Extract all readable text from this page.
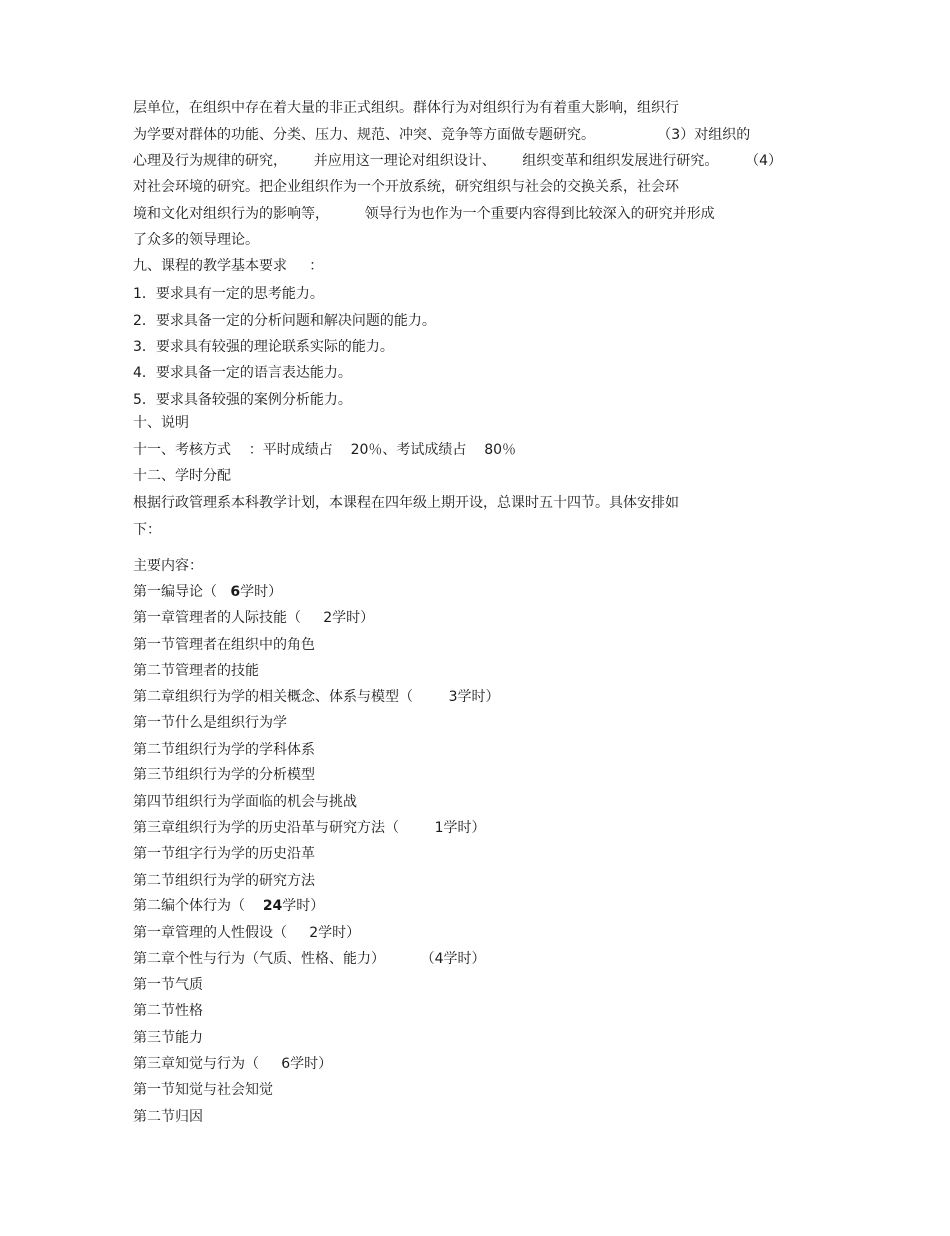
层单位，在组织中存在着大量的非正式组织。群体行为对组织行为有着重大影响，组织行
为学要对群体的功能、分类、压力、规范、冲突、竞争等方面做专题研究。              （3）对组织的
心理及行为规律的研究，      并应用这一理论对组织设计、      组织变革和组织发展进行研究。      （4）
对社会环境的研究。把企业组织作为一个开放系统，研究组织与社会的交换关系，社会环
境和文化对组织行为的影响等，        领导行为也作为一个重要内容得到比较深入的研究并形成
了众多的领导理论。
九、课程的教学基本要求     ：
1．要求具有一定的思考能力。
2．要求具备一定的分析问题和解决问题的能力。
3．要求具有较强的理论联系实际的能力。
4．要求具备一定的语言表达能力。
5．要求具备较强的案例分析能力。
十、说明
十一、考核方式    ：平时成绩占    20％、考试成绩占    80％
十二、学时分配
根据行政管理系本科教学计划，本课程在四年级上期开设，总课时五十四节。具体安排如
下：
主要内容：
第一编导论（   6学时）
第一章管理者的人际技能（     2学时）
第一节管理者在组织中的角色
第二节管理者的技能
第二章组织行为学的相关概念、体系与模型（        3学时）
第一节什么是组织行为学
第二节组织行为学的学科体系
第三节组织行为学的分析模型
第四节组织行为学面临的机会与挑战
第三章组织行为学的历史沿革与研究方法（        1学时）
第一节组字行为学的历史沿革
第二节组织行为学的研究方法
第二编个体行为（    24学时）
第一章管理的人性假设（     2学时）
第二章个性与行为（气质、性格、能力）        （4学时）
第一节气质
第二节性格
第三节能力
第三章知觉与行为（     6学时）
第一节知觉与社会知觉
第二节归因
